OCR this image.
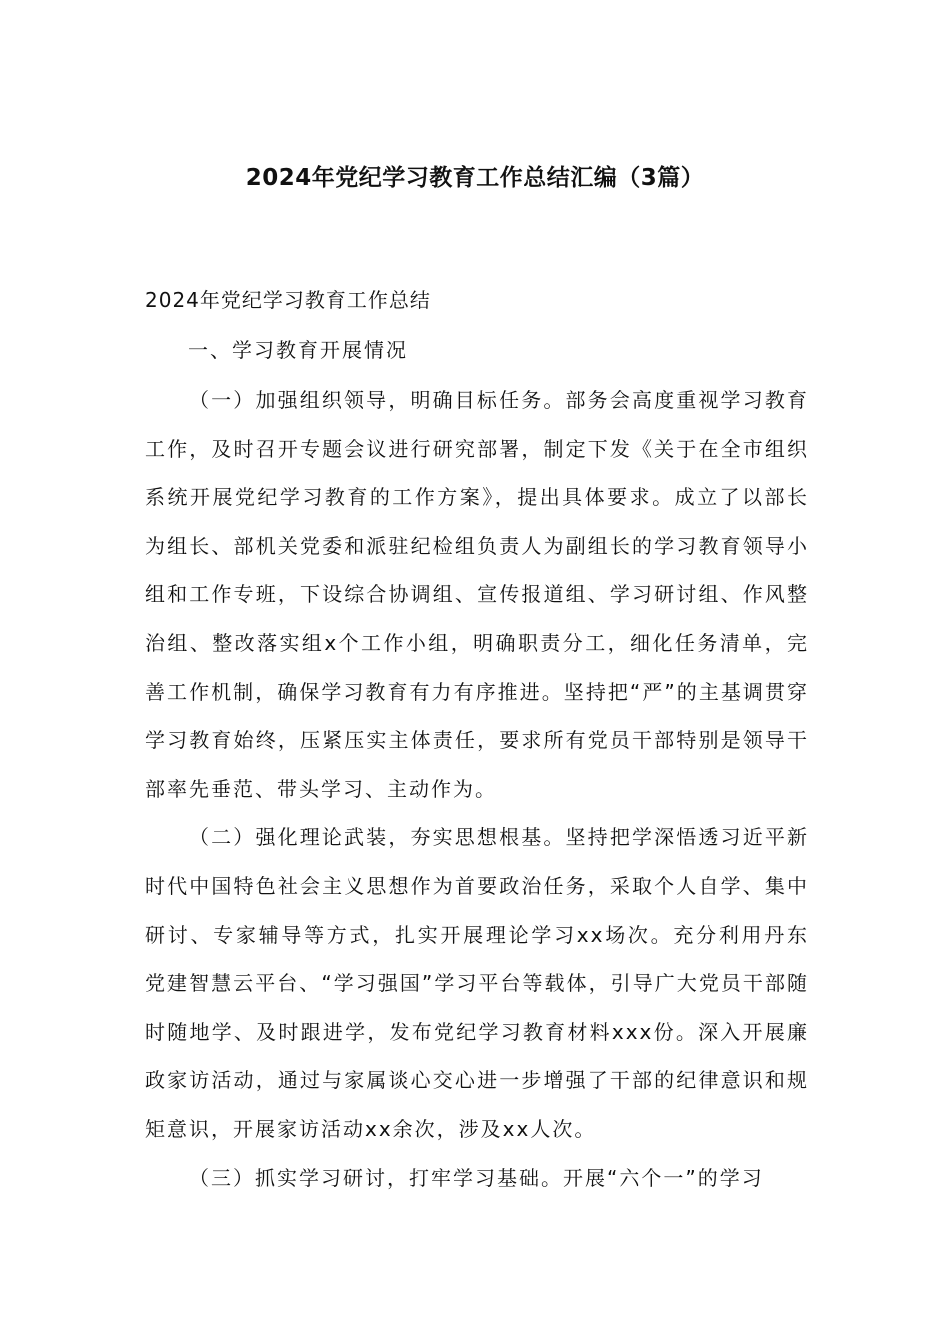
2024年党纪学习教育工作总结汇编（3篇）
2024年党纪学习教育工作总结
一、学习教育开展情况

（一）加强组织领导，明确目标任务。部务会高度重视学习教育工作，及时召开专题会议进行研究部署，制定下发《关于在全市组织系统开展党纪学习教育的工作方案》，提出具体要求。成立了以部长为组长、部机关党委和派驻纪检组负责人为副组长的学习教育领导小组和工作专班，下设综合协调组、宣传报道组、学习研讨组、作风整治组、整改落实组x个工作小组，明确职责分工，细化任务清单，完善工作机制，确保学习教育有力有序推进。坚持把“严”的主基调贯穿学习教育始终，压紧压实主体责任，要求所有党员干部特别是领导干部率先垂范、带头学习、主动作为。

（二）强化理论武装，夯实思想根基。坚持把学深悟透习近平新时代中国特色社会主义思想作为首要政治任务，采取个人自学、集中研讨、专家辅导等方式，扎实开展理论学习xx场次。充分利用丹东党建智慧云平台、“学习强国”学习平台等载体，引导广大党员干部随时随地学、及时跟进学，发布党纪学习教育材料xxx份。深入开展廉政家访活动，通过与家属谈心交心进一步增强了干部的纪律意识和规矩意识，开展家访活动xx余次，涉及xx人次。

（三）抓实学习研讨，打牢学习基础。开展“六个一”的学习
